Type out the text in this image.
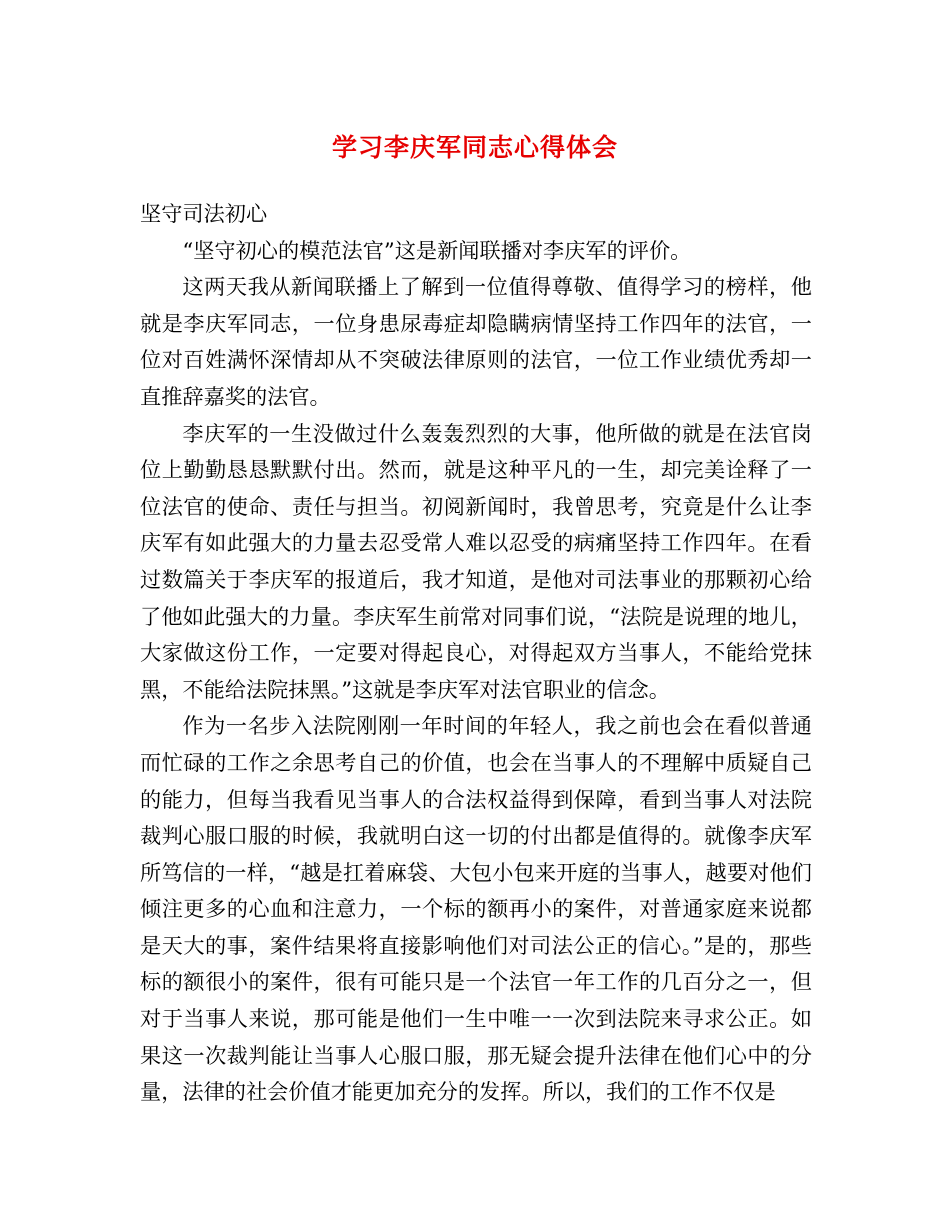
学习李庆军同志心得体会

坚守司法初心

“坚守初心的模范法官”这是新闻联播对李庆军的评价。

这两天我从新闻联播上了解到一位值得尊敬、值得学习的榜样，他就是李庆军同志，一位身患尿毒症却隐瞒病情坚持工作四年的法官，一位对百姓满怀深情却从不突破法律原则的法官，一位工作业绩优秀却一直推辞嘉奖的法官。

李庆军的一生没做过什么轰轰烈烈的大事，他所做的就是在法官岗位上勤勤恳恳默默付出。然而，就是这种平凡的一生，却完美诠释了一位法官的使命、责任与担当。初阅新闻时，我曾思考，究竟是什么让李庆军有如此强大的力量去忍受常人难以忍受的病痛坚持工作四年。在看过数篇关于李庆军的报道后，我才知道，是他对司法事业的那颗初心给了他如此强大的力量。李庆军生前常对同事们说，“法院是说理的地儿，大家做这份工作，一定要对得起良心，对得起双方当事人，不能给党抹黑，不能给法院抹黑。”这就是李庆军对法官职业的信念。

作为一名步入法院刚刚一年时间的年轻人，我之前也会在看似普通而忙碌的工作之余思考自己的价值，也会在当事人的不理解中质疑自己的能力，但每当我看见当事人的合法权益得到保障，看到当事人对法院裁判心服口服的时候，我就明白这一切的付出都是值得的。就像李庆军所笃信的一样，“越是扛着麻袋、大包小包来开庭的当事人，越要对他们倾注更多的心血和注意力，一个标的额再小的案件，对普通家庭来说都是天大的事，案件结果将直接影响他们对司法公正的信心。”是的，那些标的额很小的案件，很有可能只是一个法官一年工作的几百分之一，但对于当事人来说，那可能是他们一生中唯一一次到法院来寻求公正。如果这一次裁判能让当事人心服口服，那无疑会提升法律在他们心中的分量，法律的社会价值才能更加充分的发挥。所以，我们的工作不仅是
